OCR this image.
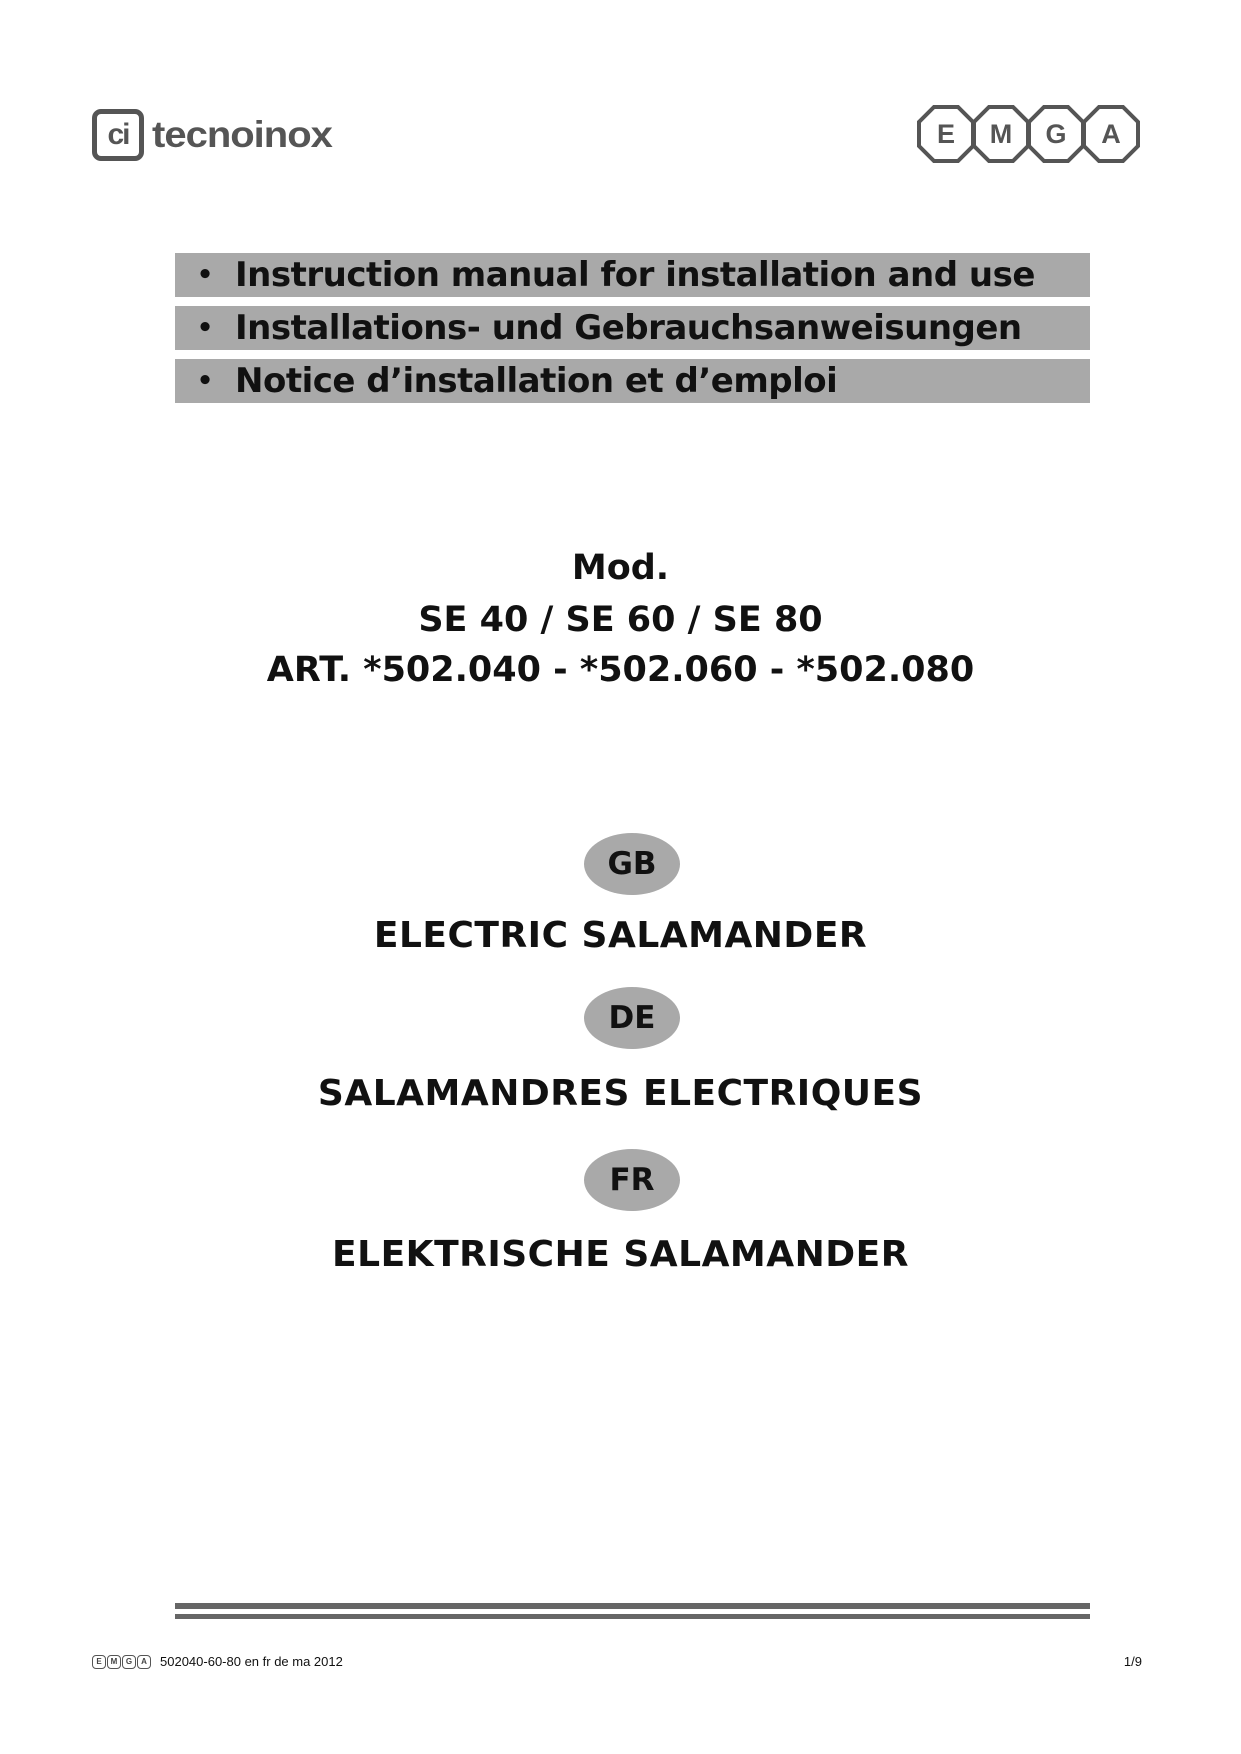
ci tecnoinox	E	M	G	A
• Instruction manual for installation and use
• Installations- und Gebrauchsanweisungen
• Notice d’installation et d’emploi
Mod.
SE 40 / SE 60 / SE 80
ART. *502.040 - *502.060 - *502.080
GB
ELECTRIC SALAMANDER
DE
SALAMANDRES ELECTRIQUES
FR
ELEKTRISCHE SALAMANDER
E	M	G	A	502040-60-80 en fr de ma 2012	1/9
